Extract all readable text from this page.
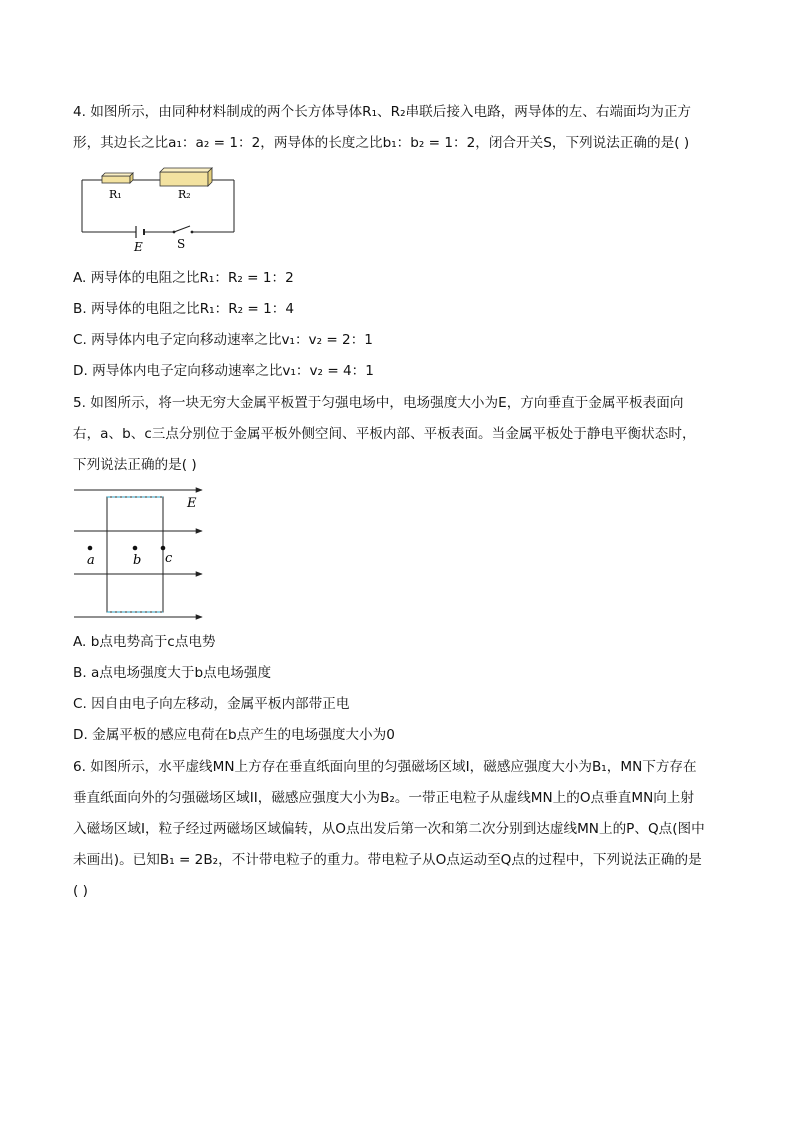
4. 如图所示，由同种材料制成的两个长方体导体R₁、R₂串联后接入电路，两导体的左、右端面均为正方
形，其边长之比a₁：a₂ = 1：2，两导体的长度之比b₁：b₂ = 1：2，闭合开关S，下列说法正确的是( )
R₁	R₂
E	S
A. 两导体的电阻之比R₁：R₂ = 1：2
B. 两导体的电阻之比R₁：R₂ = 1：4
C. 两导体内电子定向移动速率之比v₁：v₂ = 2：1
D. 两导体内电子定向移动速率之比v₁：v₂ = 4：1
5. 如图所示，将一块无穷大金属平板置于匀强电场中，电场强度大小为E，方向垂直于金属平板表面向
右，a、b、c三点分别位于金属平板外侧空间、平板内部、平板表面。当金属平板处于静电平衡状态时，
下列说法正确的是( )
E
a	b c
A. b点电势高于c点电势
B. a点电场强度大于b点电场强度
C. 因自由电子向左移动，金属平板内部带正电
D. 金属平板的感应电荷在b点产生的电场强度大小为0
6. 如图所示，水平虚线MN上方存在垂直纸面向里的匀强磁场区域I，磁感应强度大小为B₁，MN下方存在
垂直纸面向外的匀强磁场区域II，磁感应强度大小为B₂。一带正电粒子从虚线MN上的O点垂直MN向上射
入磁场区域I，粒子经过两磁场区域偏转，从O点出发后第一次和第二次分别到达虚线MN上的P、Q点(图中
未画出)。已知B₁ = 2B₂，不计带电粒子的重力。带电粒子从O点运动至Q点的过程中，下列说法正确的是
( )
